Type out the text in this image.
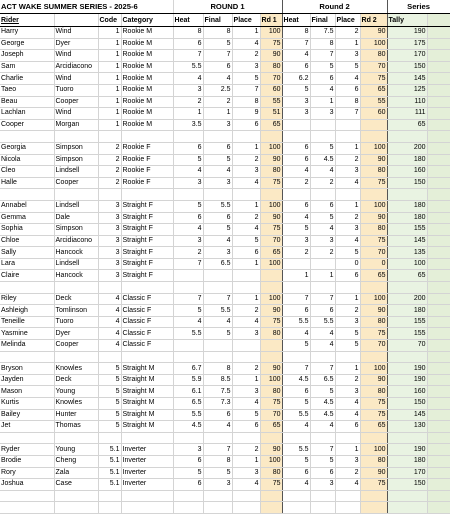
ACT WAKE SUMMER SERIES - 2025-6				ROUND 1				Round 2				Series	
Rider		Code	Category	Heat	Final	Place	Rd 1	Heat	Final	Place	Rd 2	Tally	
Harry	Wind	1	Rookie M	8	8	1	100	8	7.5	2	90	190	
George	Dyer	1	Rookie M	6	5	4	75	7	8	1	100	175	
Joseph	Wind	1	Rookie M	7	7	2	90	4	7	3	80	170	
Sam	Arcidiacono	1	Rookie M	5.5	6	3	80	6	5	5	70	150	
Charlie	Wind	1	Rookie M	4	4	5	70	6.2	6	4	75	145	
Taeo	Tuoro	1	Rookie M	3	2.5	7	60	5	4	6	65	125	
Beau	Cooper	1	Rookie M	2	2	8	55	3	1	8	55	110	
Lachlan	Wind	1	Rookie M	1	1	9	51	3	3	7	60	111	
Cooper	Morgan	1	Rookie M	3.5	3	6	65					65	

Georgia	Simpson	2	Rookie F	6	6	1	100	6	5	1	100	200	
Nicola	Simpson	2	Rookie F	5	5	2	90	6	4.5	2	90	180	
Cleo	Lindsell	2	Rookie F	4	4	3	80	4	4	3	80	160	
Halle	Cooper	2	Rookie F	3	3	4	75	2	2	4	75	150	

Annabel	Lindsell	3	Straight F	5	5.5	1	100	6	6	1	100	180	
Gemma	Dale	3	Straight F	6	6	2	90	4	5	2	90	180	
Sophia	Simpson	3	Straight F	4	5	4	75	5	4	3	80	155	
Chloe	Arcidiacono	3	Straight F	3	4	5	70	3	3	4	75	145	
Sally	Hancock	3	Straight F	2	3	6	65	2	2	5	70	135	
Lara	Lindsell	3	Straight F	7	6.5	1	100			0	0	100	
Claire	Hancock	3	Straight F					1	1	6	65	65	

Riley	Deck	4	Classic F	7	7	1	100	7	7	1	100	200	
Ashleigh	Tomlinson	4	Classic F	5	5.5	2	90	6	6	2	90	180	
Teneille	Tuoro	4	Classic F	4	4	4	75	5.5	5.5	3	80	155	
Yasmine	Dyer	4	Classic F	5.5	5	3	80	4	4	5	75	155	
Melinda	Cooper	4	Classic F					5	4	5	70	70	

Bryson	Knowles	5	Straight M	6.7	8	2	90	7	7	1	100	190	
Jayden	Deck	5	Straight M	5.9	8.5	1	100	4.5	6.5	2	90	190	
Mason	Young	5	Straight M	6.1	7.5	3	80	6	5	3	80	160	
Kurtis	Knowles	5	Straight M	6.5	7.3	4	75	5	4.5	4	75	150	
Bailey	Hunter	5	Straight M	5.5	6	5	70	5.5	4.5	4	75	145	
Jet	Thomas	5	Straight M	4.5	4	6	65	4	4	6	65	130	

Ryder	Young	5.1	Inverter	3	7	2	90	5.5	7	1	100	190	
Brodie	Cheng	5.1	Inverter	6	8	1	100	5	5	3	80	180	
Rory	Zala	5.1	Inverter	5	5	3	80	6	6	2	90	170	
Joshua	Case	5.1	Inverter	6	3	4	75	4	3	4	75	150	
